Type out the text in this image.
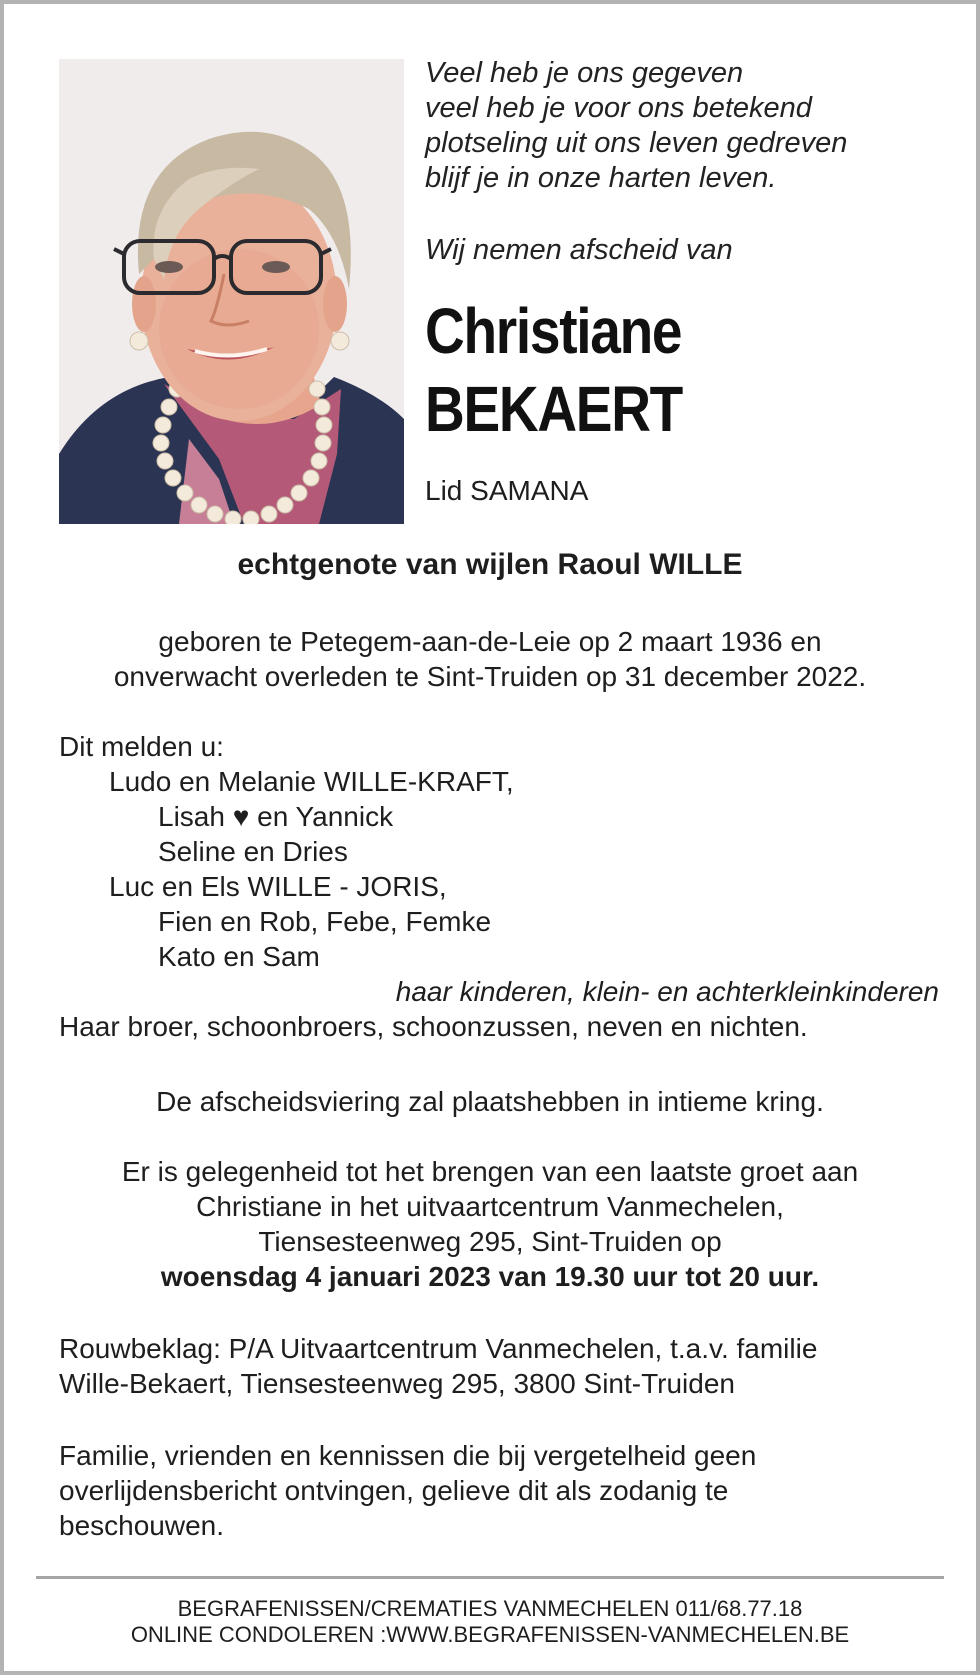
Veel heb je ons gegeven
veel heb je voor ons betekend
plotseling uit ons leven gedreven
blijf je in onze harten leven.
Wij nemen afscheid van
Christiane
BEKAERT
Lid SAMANA
echtgenote van wijlen Raoul WILLE
geboren te Petegem-aan-de-Leie op 2 maart 1936 en
onverwacht overleden te Sint-Truiden op 31 december 2022.
Dit melden u:
Ludo en Melanie WILLE-KRAFT,
Lisah ♥ en Yannick
Seline en Dries
Luc en Els WILLE - JORIS,
Fien en Rob, Febe, Femke
Kato en Sam
haar kinderen, klein- en achterkleinkinderen
Haar broer, schoonbroers, schoonzussen, neven en nichten.
De afscheidsviering zal plaatshebben in intieme kring.
Er is gelegenheid tot het brengen van een laatste groet aan
Christiane in het uitvaartcentrum Vanmechelen,
Tiensesteenweg 295, Sint-Truiden op
woensdag 4 januari 2023 van 19.30 uur tot 20 uur.
Rouwbeklag: P/A Uitvaartcentrum Vanmechelen, t.a.v. familie
Wille-Bekaert, Tiensesteenweg 295, 3800 Sint-Truiden
Familie, vrienden en kennissen die bij vergetelheid geen
overlijdensbericht ontvingen, gelieve dit als zodanig te
beschouwen.
BEGRAFENISSEN/CREMATIES VANMECHELEN 011/68.77.18
ONLINE CONDOLEREN :WWW.BEGRAFENISSEN-VANMECHELEN.BE
